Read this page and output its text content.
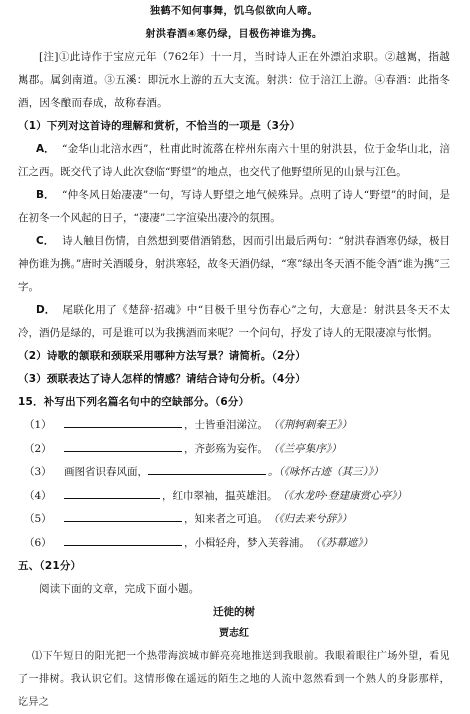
独鹤不知何事舞，饥乌似欲向人啼。
射洪春酒④寒仍绿，目极伤神谁为携。
[注]①此诗作于宝应元年（762年）十一月，当时诗人正在外漂泊求职。②越嶲，指越嶲郡。属剑南道。③五溪：即沅水上游的五大支流。射洪：位于涪江上游。④春酒：此指冬酒，因冬酿而春成，故称春酒。
（1）下列对这首诗的理解和赏析，不恰当的一项是（3分）
A． “金华山北涪水西”，杜甫此时流落在梓州东南六十里的射洪县，位于金华山北，涪江之西。既交代了诗人此次登临“野望”的地点，也交代了他野望所见的山景与江色。
B． “仲冬风日始凄凄”一句，写诗人野望之地气候殊异。点明了诗人“野望”的时间，是在初冬一个风起的日子，“凄凄”二字渲染出凄冷的氛围。
C． 诗人触目伤情，自然想到要借酒销愁，因而引出最后两句：“射洪春酒寒仍绿，极目神伤谁为携。”唐时关酒暖身，射洪寒轻，故冬天酒仍绿，“寒”绿出冬天酒不能令酒“谁为携”三字。
D． 尾联化用了《楚辞·招魂》中“目极千里兮伤春心”之句，大意是：射洪县冬天不太冷，酒仍是绿的，可是谁可以为我携酒而来呢？一个问句，抒发了诗人的无限凄凉与怅惘。
（2）诗歌的颔联和颈联采用哪种方法写景？请简析。（2分）
（3）颈联表达了诗人怎样的情感？请结合诗句分析。（4分）
15．补写出下列名篇名句中的空缺部分。（6分）
（1）	，士皆垂泪涕泣。 （《荆轲刺秦王》）
（2）	，齐彭殇为妄作。 （《兰亭集序》）
（3）	画图省识春风面，	。（《咏怀古迹（其三）》）
（4）	，红巾翠袖，揾英雄泪。 （《水龙吟·登建康赏心亭》）
（5）	，知来者之可追。 （《归去来兮辞》）
（6）	，小楫轻舟，梦入芙蓉浦。 （《苏幕遮》）
五、（21分）
阅读下面的文章，完成下面小题。
迁徙的树
贾志红
⑴下午短日的阳光把一个热带海滨城市鲜亮亮地推送到我眼前。我眼着眼往广场外望，看见了一排树。我认识它们。这情形像在遥远的陌生之地的人流中忽然看到一个熟人的身影那样，讫异之
